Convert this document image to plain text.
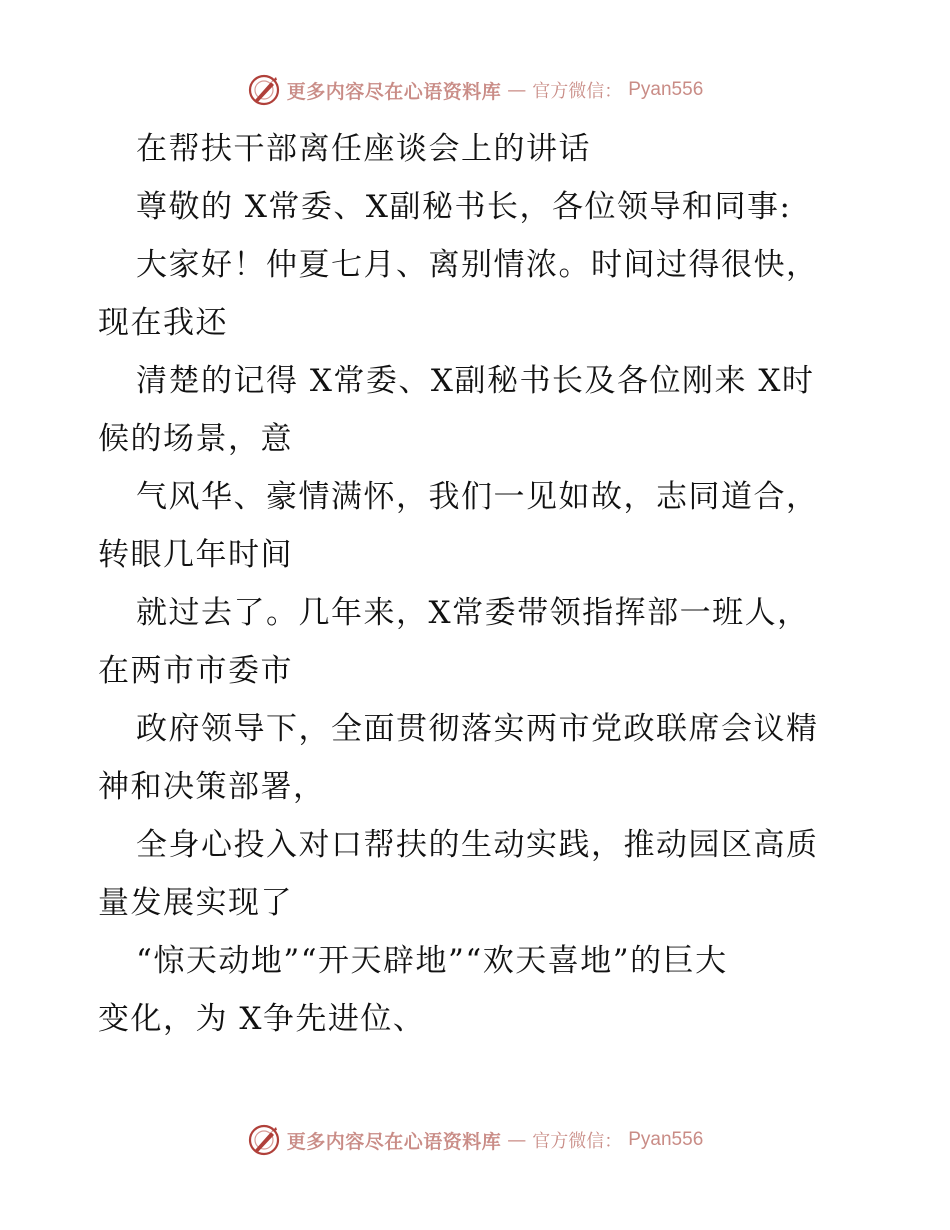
更多内容尽在心语资料库 — 官方微信： Pyan556
在帮扶干部离任座谈会上的讲话
尊敬的 X常委、X副秘书长，各位领导和同事:
大家好！仲夏七月、离别情浓。时间过得很快，
现在我还
清楚的记得 X常委、X副秘书长及各位刚来 X时
候的场景，意
气风华、豪情满怀，我们一见如故，志同道合，
转眼几年时间
就过去了。几年来，X常委带领指挥部一班人，
在两市市委市
政府领导下，全面贯彻落实两市党政联席会议精
神和决策部署，
全身心投入对口帮扶的生动实践，推动园区高质
量发展实现了
“惊天动地”“开天辟地”“欢天喜地”的巨大
变化，为 X争先进位、
更多内容尽在心语资料库 — 官方微信： Pyan556
